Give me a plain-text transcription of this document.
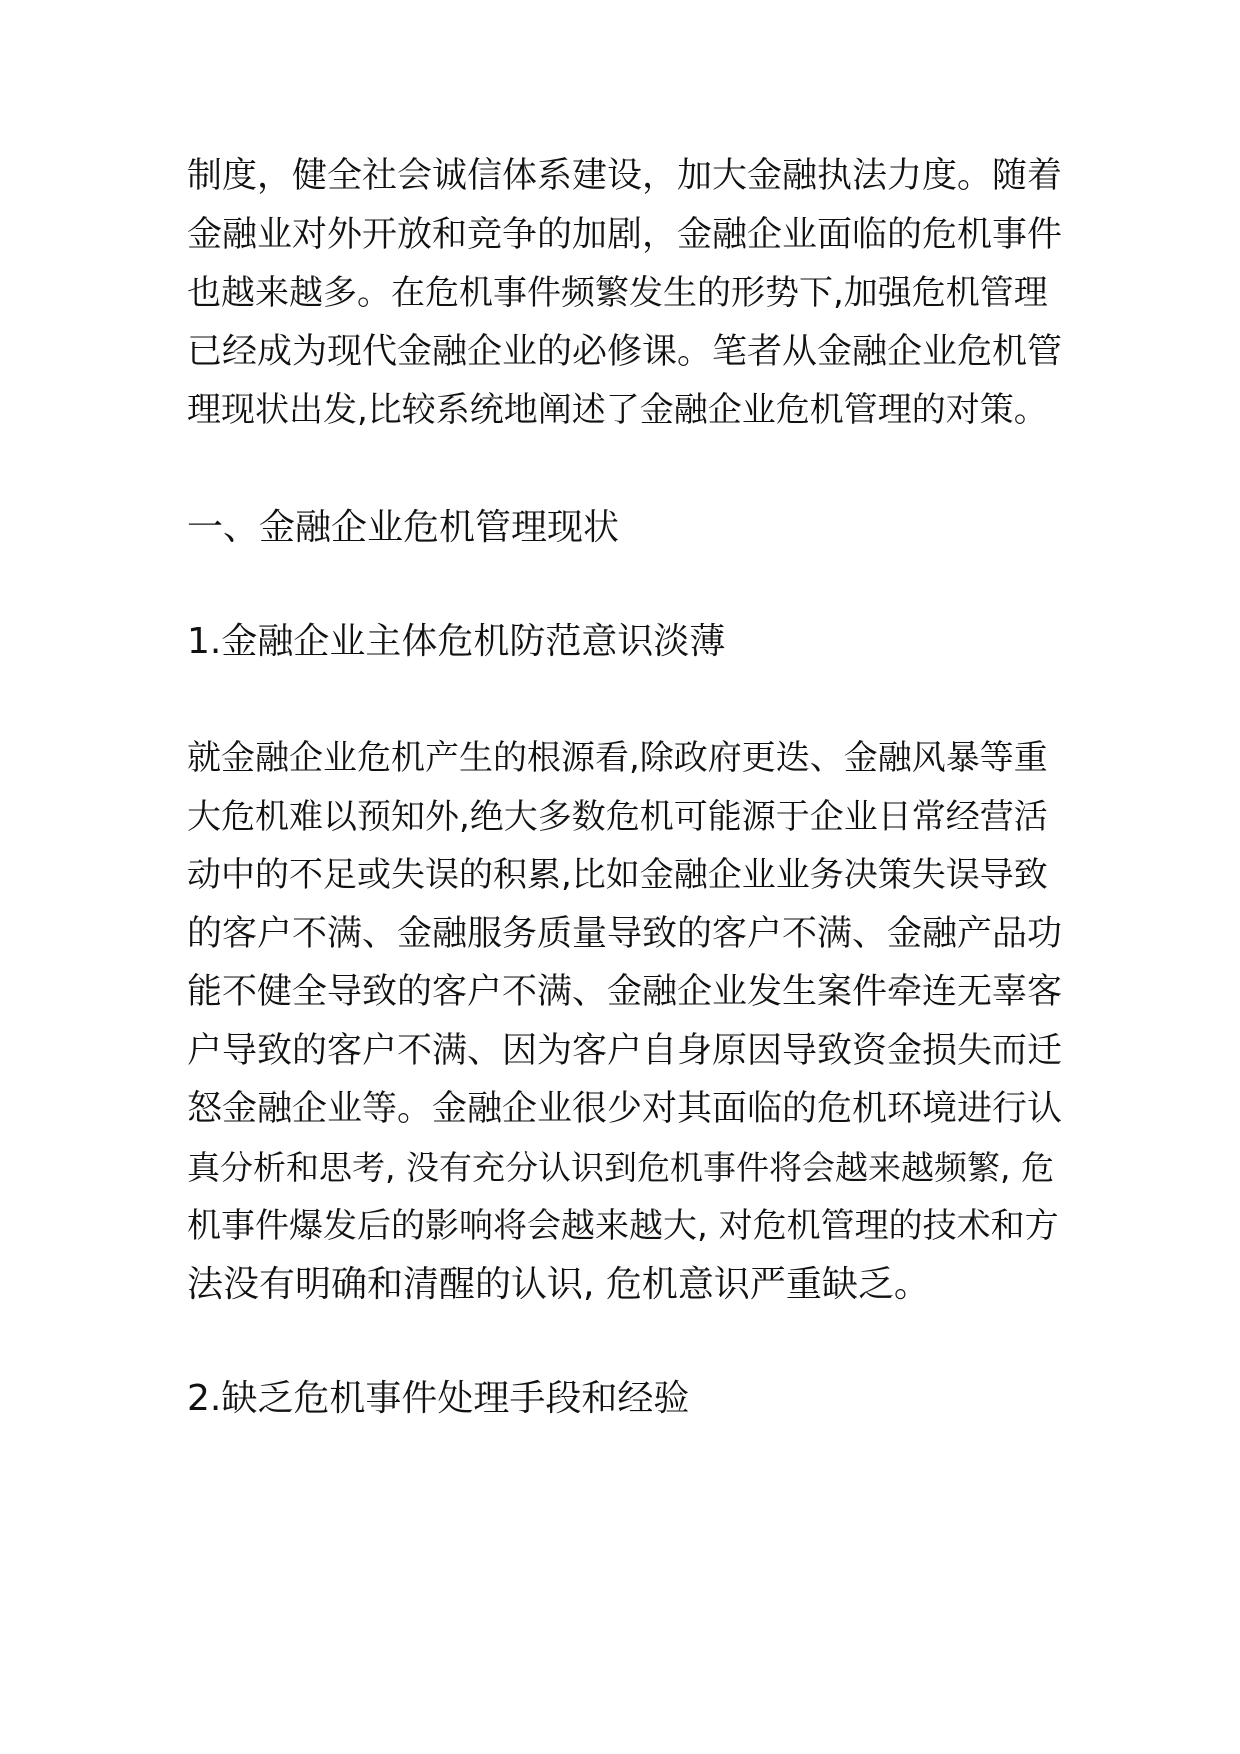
制度，健全社会诚信体系建设，加大金融执法力度。随着
金融业对外开放和竞争的加剧，金融企业面临的危机事件
也越来越多。在危机事件频繁发生的形势下,加强危机管理
已经成为现代金融企业的必修课。笔者从金融企业危机管
理现状出发,比较系统地阐述了金融企业危机管理的对策。
一、金融企业危机管理现状
1.金融企业主体危机防范意识淡薄
就金融企业危机产生的根源看,除政府更迭、金融风暴等重
大危机难以预知外,绝大多数危机可能源于企业日常经营活
动中的不足或失误的积累,比如金融企业业务决策失误导致
的客户不满、金融服务质量导致的客户不满、金融产品功
能不健全导致的客户不满、金融企业发生案件牵连无辜客
户导致的客户不满、因为客户自身原因导致资金损失而迁
怒金融企业等。金融企业很少对其面临的危机环境进行认
真分析和思考, 没有充分认识到危机事件将会越来越频繁, 危
机事件爆发后的影响将会越来越大, 对危机管理的技术和方
法没有明确和清醒的认识, 危机意识严重缺乏。
2.缺乏危机事件处理手段和经验
